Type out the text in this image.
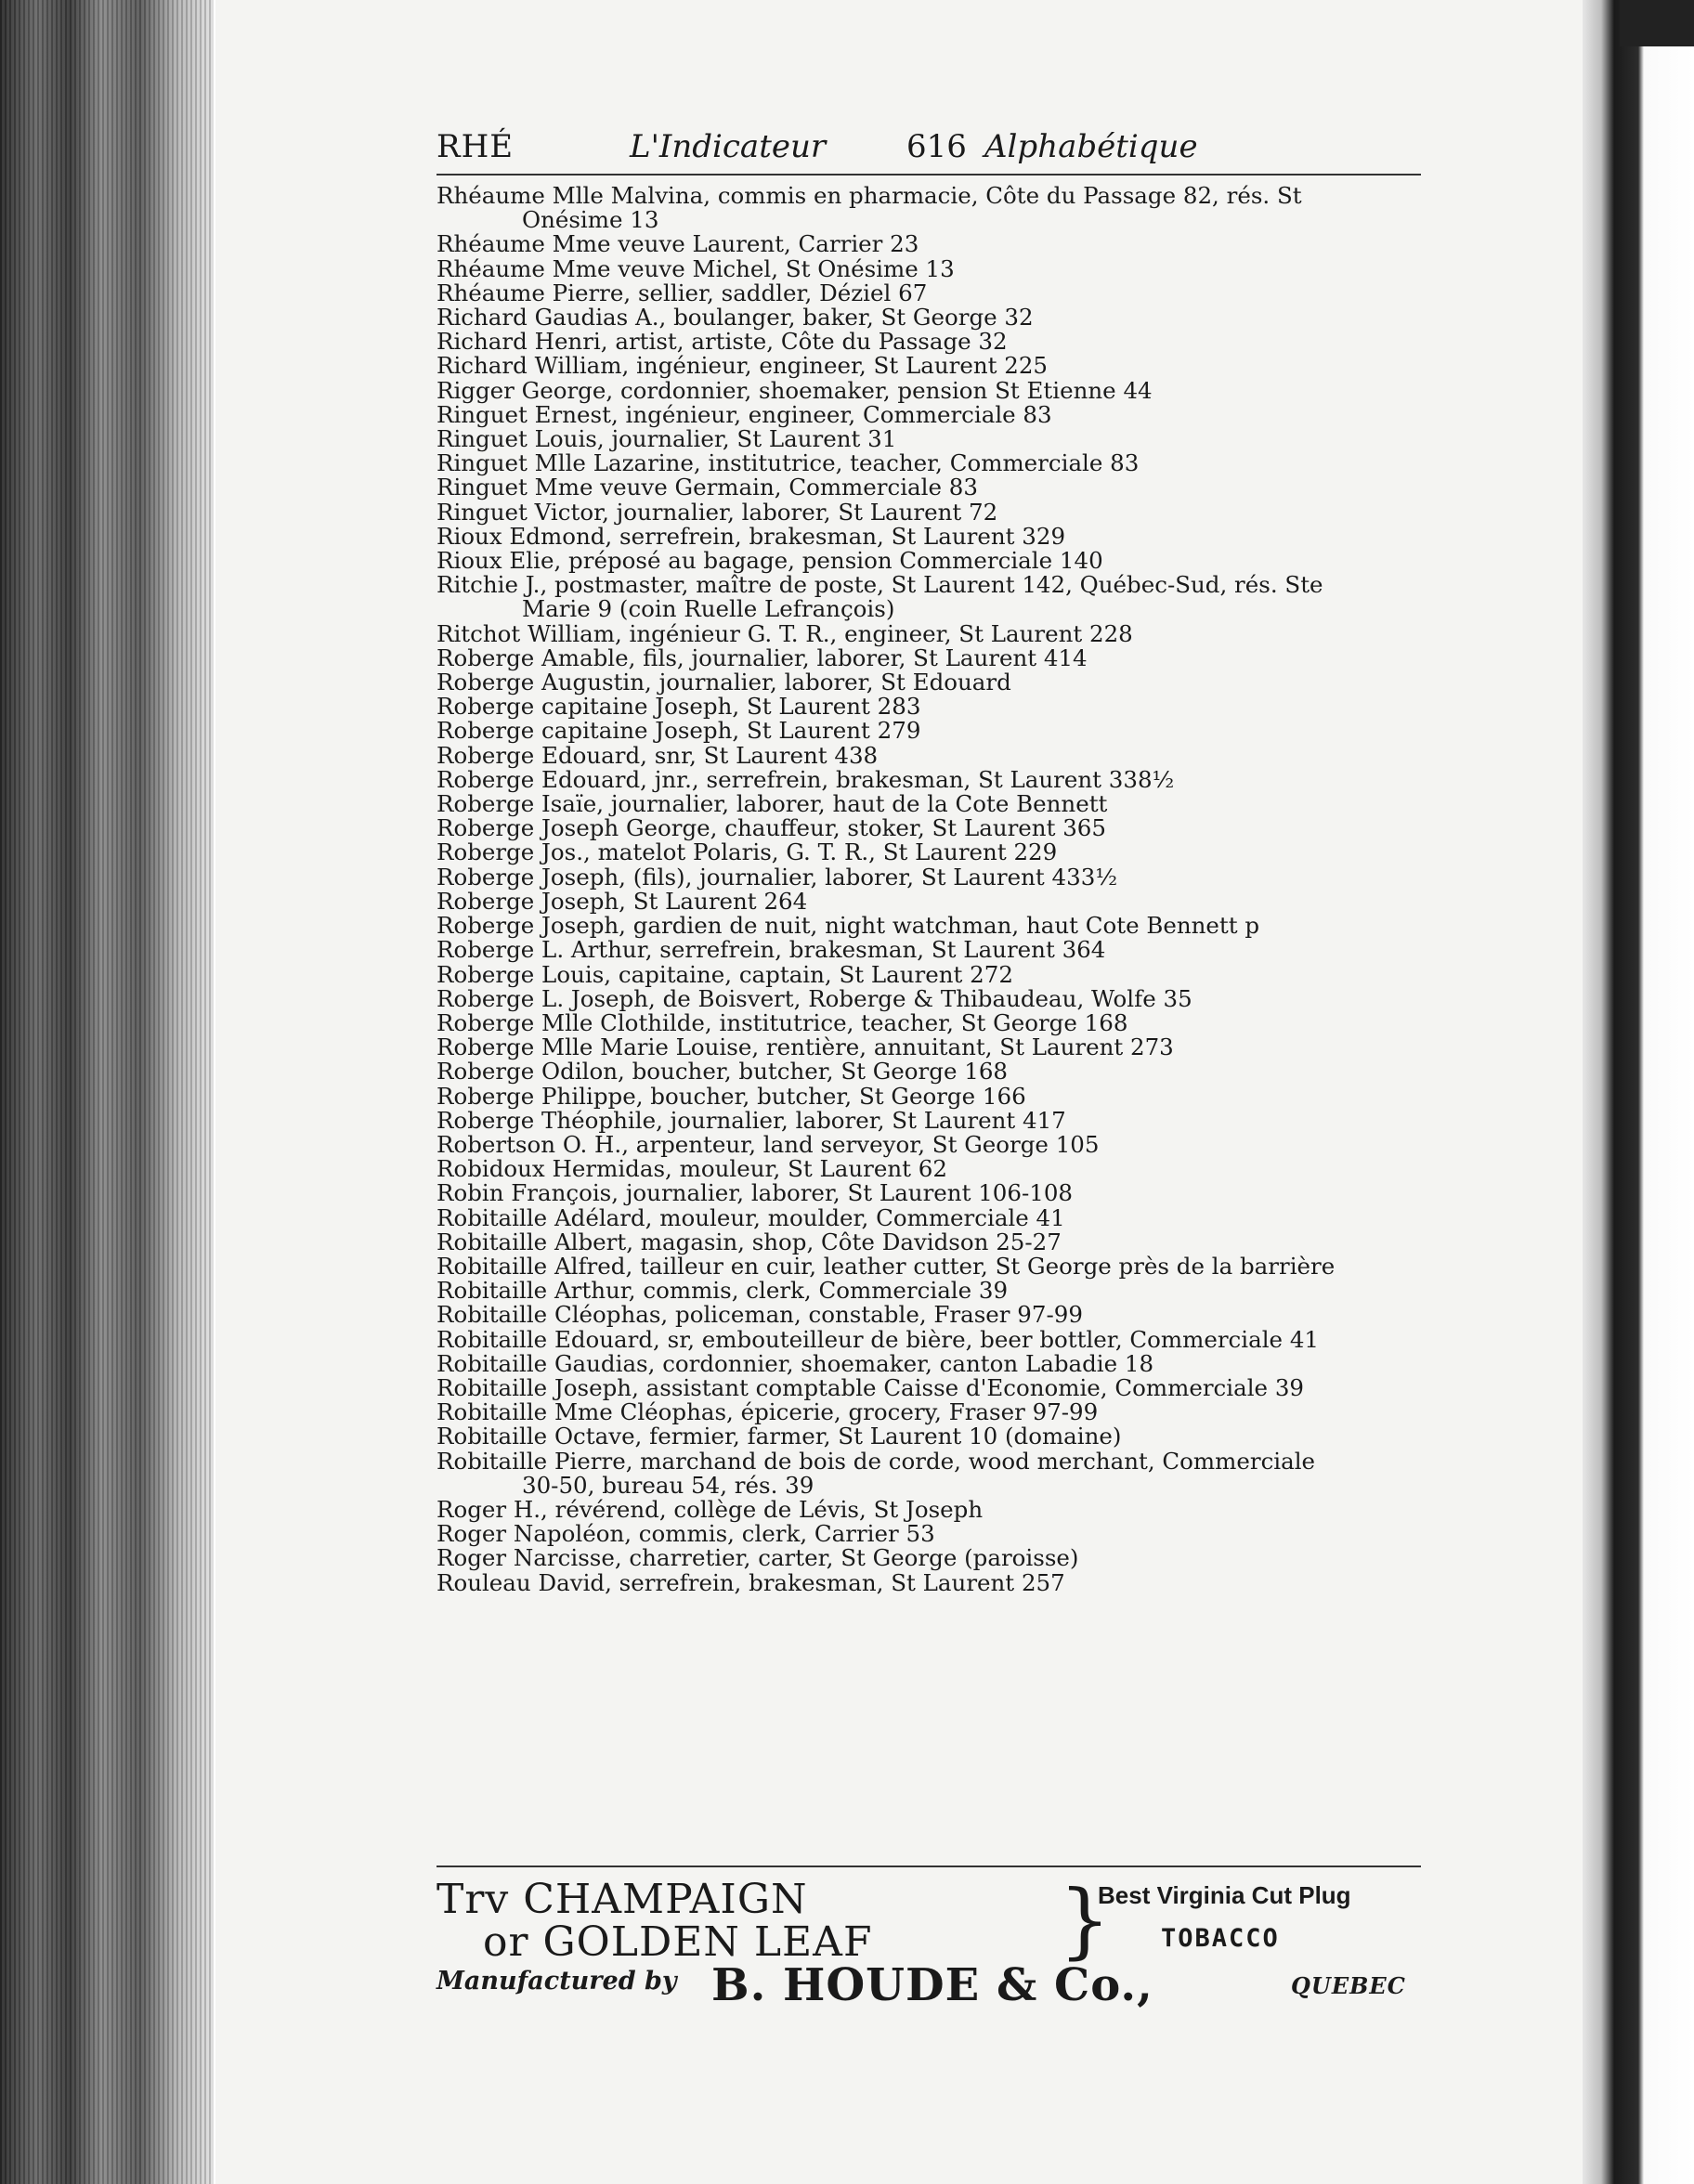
RHÉ	L'Indicateur	616 Alphabétique
Rhéaume Mlle Malvina, commis en pharmacie, Côte du Passage 82, rés. St
Onésime 13
Rhéaume Mme veuve Laurent, Carrier 23
Rhéaume Mme veuve Michel, St Onésime 13
Rhéaume Pierre, sellier, saddler, Déziel 67
Richard Gaudias A., boulanger, baker, St George 32
Richard Henri, artist, artiste, Côte du Passage 32
Richard William, ingénieur, engineer, St Laurent 225
Rigger George, cordonnier, shoemaker, pension St Etienne 44
Ringuet Ernest, ingénieur, engineer, Commerciale 83
Ringuet Louis, journalier, St Laurent 31
Ringuet Mlle Lazarine, institutrice, teacher, Commerciale 83
Ringuet Mme veuve Germain, Commerciale 83
Ringuet Victor, journalier, laborer, St Laurent 72
Rioux Edmond, serrefrein, brakesman, St Laurent 329
Rioux Elie, préposé au bagage, pension Commerciale 140
Ritchie J., postmaster, maître de poste, St Laurent 142, Québec-Sud, rés. Ste
Marie 9 (coin Ruelle Lefrançois)
Ritchot William, ingénieur G. T. R., engineer, St Laurent 228
Roberge Amable, fils, journalier, laborer, St Laurent 414
Roberge Augustin, journalier, laborer, St Edouard
Roberge capitaine Joseph, St Laurent 283
Roberge capitaine Joseph, St Laurent 279
Roberge Edouard, snr, St Laurent 438
Roberge Edouard, jnr., serrefrein, brakesman, St Laurent 338½
Roberge Isaïe, journalier, laborer, haut de la Cote Bennett
Roberge Joseph George, chauffeur, stoker, St Laurent 365
Roberge Jos., matelot Polaris, G. T. R., St Laurent 229
Roberge Joseph, (fils), journalier, laborer, St Laurent 433½
Roberge Joseph, St Laurent 264
Roberge Joseph, gardien de nuit, night watchman, haut Cote Bennett p
Roberge L. Arthur, serrefrein, brakesman, St Laurent 364
Roberge Louis, capitaine, captain, St Laurent 272
Roberge L. Joseph, de Boisvert, Roberge & Thibaudeau, Wolfe 35
Roberge Mlle Clothilde, institutrice, teacher, St George 168
Roberge Mlle Marie Louise, rentière, annuitant, St Laurent 273
Roberge Odilon, boucher, butcher, St George 168
Roberge Philippe, boucher, butcher, St George 166
Roberge Théophile, journalier, laborer, St Laurent 417
Robertson O. H., arpenteur, land serveyor, St George 105
Robidoux Hermidas, mouleur, St Laurent 62
Robin François, journalier, laborer, St Laurent 106-108
Robitaille Adélard, mouleur, moulder, Commerciale 41
Robitaille Albert, magasin, shop, Côte Davidson 25-27
Robitaille Alfred, tailleur en cuir, leather cutter, St George près de la barrière
Robitaille Arthur, commis, clerk, Commerciale 39
Robitaille Cléophas, policeman, constable, Fraser 97-99
Robitaille Edouard, sr, embouteilleur de bière, beer bottler, Commerciale 41
Robitaille Gaudias, cordonnier, shoemaker, canton Labadie 18
Robitaille Joseph, assistant comptable Caisse d'Economie, Commerciale 39
Robitaille Mme Cléophas, épicerie, grocery, Fraser 97-99
Robitaille Octave, fermier, farmer, St Laurent 10 (domaine)
Robitaille Pierre, marchand de bois de corde, wood merchant, Commerciale
30-50, bureau 54, rés. 39
Roger H., révérend, collège de Lévis, St Joseph
Roger Napoléon, commis, clerk, Carrier 53
Roger Narcisse, charretier, carter, St George (paroisse)
Rouleau David, serrefrein, brakesman, St Laurent 257
Trv CHAMPAIGN
or GOLDEN LEAF }
Best Virginia Cut Plug
TOBACCO
Manufactured by B. HOUDE & Co.,	QUEBEC
